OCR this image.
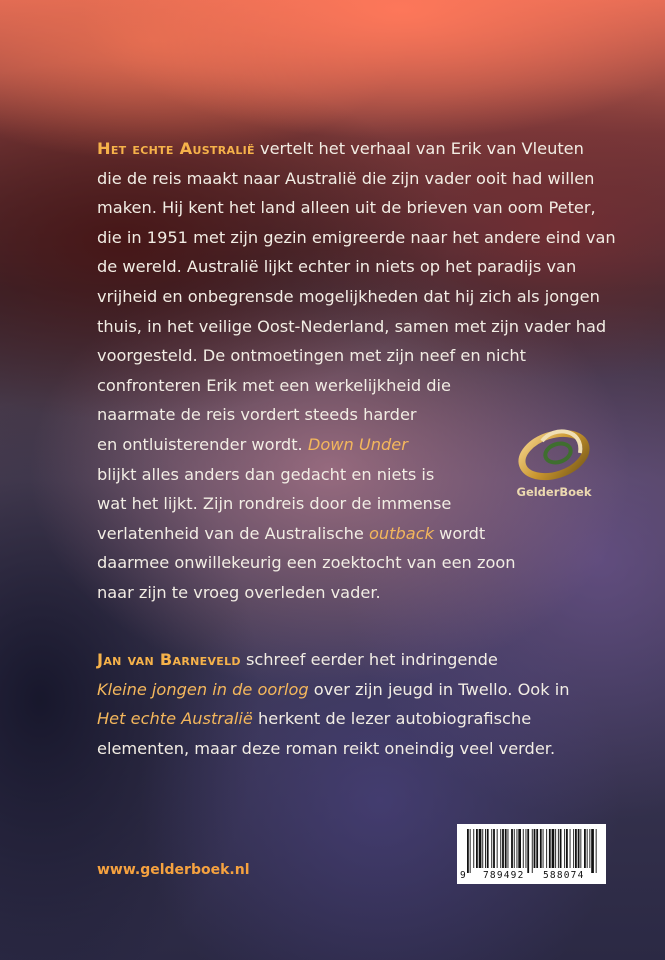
Het echte Australië vertelt het verhaal van Erik van Vleuten
die de reis maakt naar Australië die zijn vader ooit had willen
maken. Hij kent het land alleen uit de brieven van oom Peter,
die in 1951 met zijn gezin emigreerde naar het andere eind van
de wereld. Australië lijkt echter in niets op het paradijs van
vrijheid en onbegrensde mogelijkheden dat hij zich als jongen
thuis, in het veilige Oost-Nederland, samen met zijn vader had
voorgesteld. De ontmoetingen met zijn neef en nicht
confronteren Erik met een werkelijkheid die
naarmate de reis vordert steeds harder
en ontluisterender wordt. Down Under
blijkt alles anders dan gedacht en niets is
wat het lijkt. Zijn rondreis door de immense
verlatenheid van de Australische outback wordt
daarmee onwillekeurig een zoektocht van een zoon
naar zijn te vroeg overleden vader.
Jan van Barneveld schreef eerder het indringende
Kleine jongen in de oorlog over zijn jeugd in Twello. Ook in
Het echte Australië herkent de lezer autobiografische
elementen, maar deze roman reikt oneindig veel verder.
GelderBoek
www.gelderboek.nl	9 789492 588074
